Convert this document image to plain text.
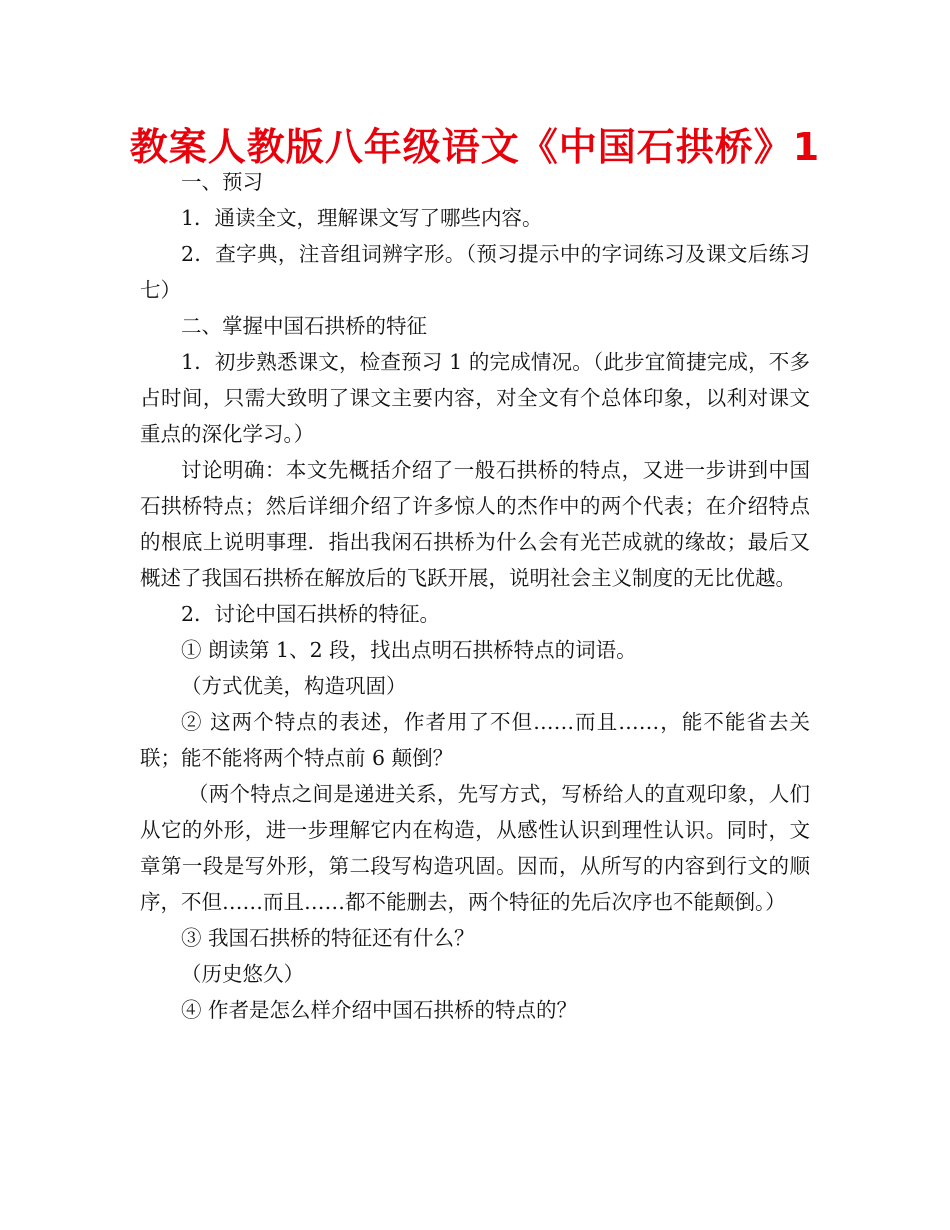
教案人教版八年级语文《中国石拱桥》1

一、预习

1．通读全文，理解课文写了哪些内容。

2．查字典，注音组词辨字形。（预习提示中的字词练习及课文后练习七）

二、掌握中国石拱桥的特征

1．初步熟悉课文，检查预习 1 的完成情况。（此步宜简捷完成，不多占时间，只需大致明了课文主要内容，对全文有个总体印象，以利对课文重点的深化学习。）

讨论明确：本文先概括介绍了一般石拱桥的特点，又进一步讲到中国石拱桥特点；然后详细介绍了许多惊人的杰作中的两个代表；在介绍特点的根底上说明事理．指出我闲石拱桥为什么会有光芒成就的缘故；最后又概述了我国石拱桥在解放后的飞跃开展，说明社会主义制度的无比优越。

2．讨论中国石拱桥的特征。

① 朗读第 1、2 段，找出点明石拱桥特点的词语。

（方式优美，构造巩固）

② 这两个特点的表述，作者用了不但……而且……，能不能省去关联；能不能将两个特点前 6 颠倒？

（两个特点之间是递进关系，先写方式，写桥给人的直观印象，人们从它的外形，进一步理解它内在构造，从感性认识到理性认识。同时，文章第一段是写外形，第二段写构造巩固。因而，从所写的内容到行文的顺序，不但……而且……都不能删去，两个特征的先后次序也不能颠倒。）

③ 我国石拱桥的特征还有什么？

（历史悠久）

④ 作者是怎么样介绍中国石拱桥的特点的？
